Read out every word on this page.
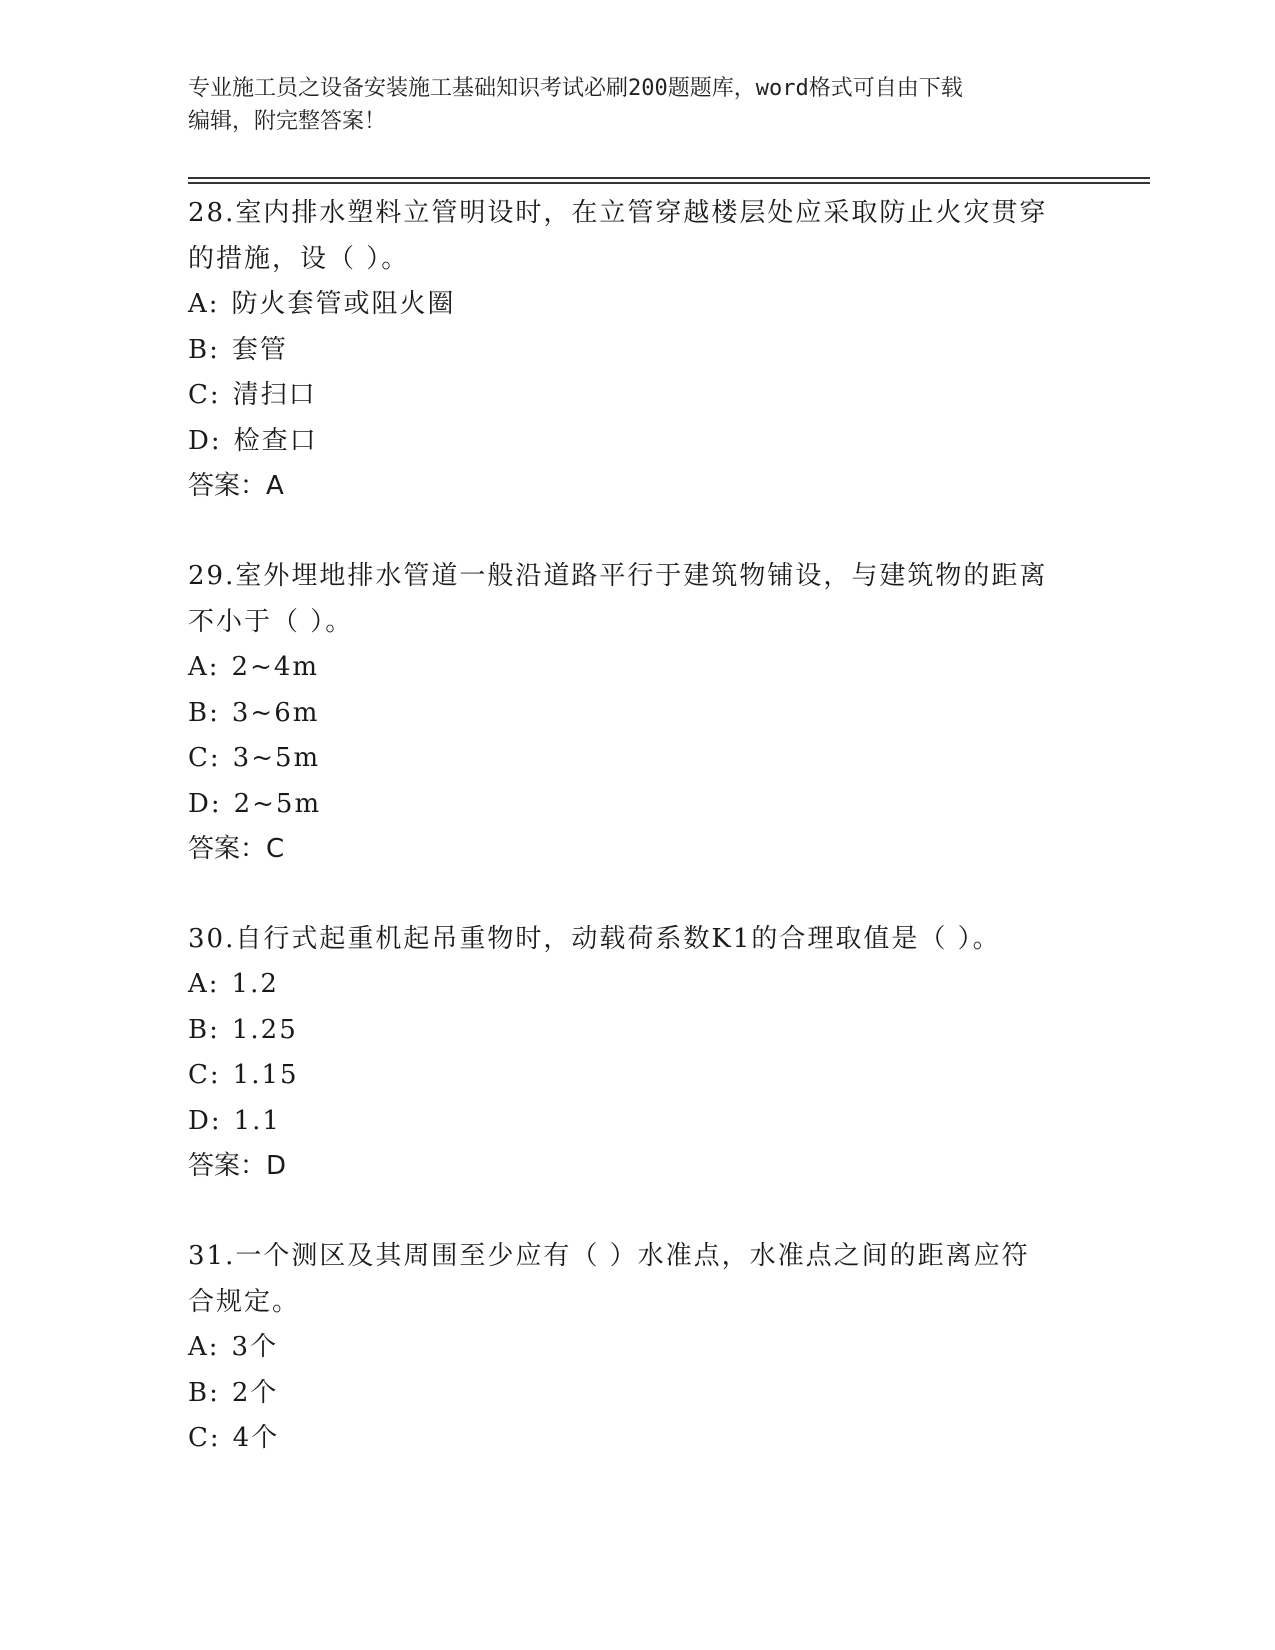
专业施工员之设备安装施工基础知识考试必刷200题题库，word格式可自由下载
编辑，附完整答案！

28.室内排水塑料立管明设时，在立管穿越楼层处应采取防止火灾贯穿

的措施，设（ ）。

A: 防火套管或阻火圈

B: 套管

C: 清扫口

D: 检查口

答案：A

29.室外埋地排水管道一般沿道路平行于建筑物铺设，与建筑物的距离

不小于（ ）。

A: 2~4m

B: 3~6m

C: 3~5m

D: 2~5m

答案：C

30.自行式起重机起吊重物时，动载荷系数K1的合理取值是（ ）。

A: 1.2

B: 1.25

C: 1.15

D: 1.1

答案：D

31.一个测区及其周围至少应有（ ）水准点，水准点之间的距离应符

合规定。

A: 3个

B: 2个

C: 4个
